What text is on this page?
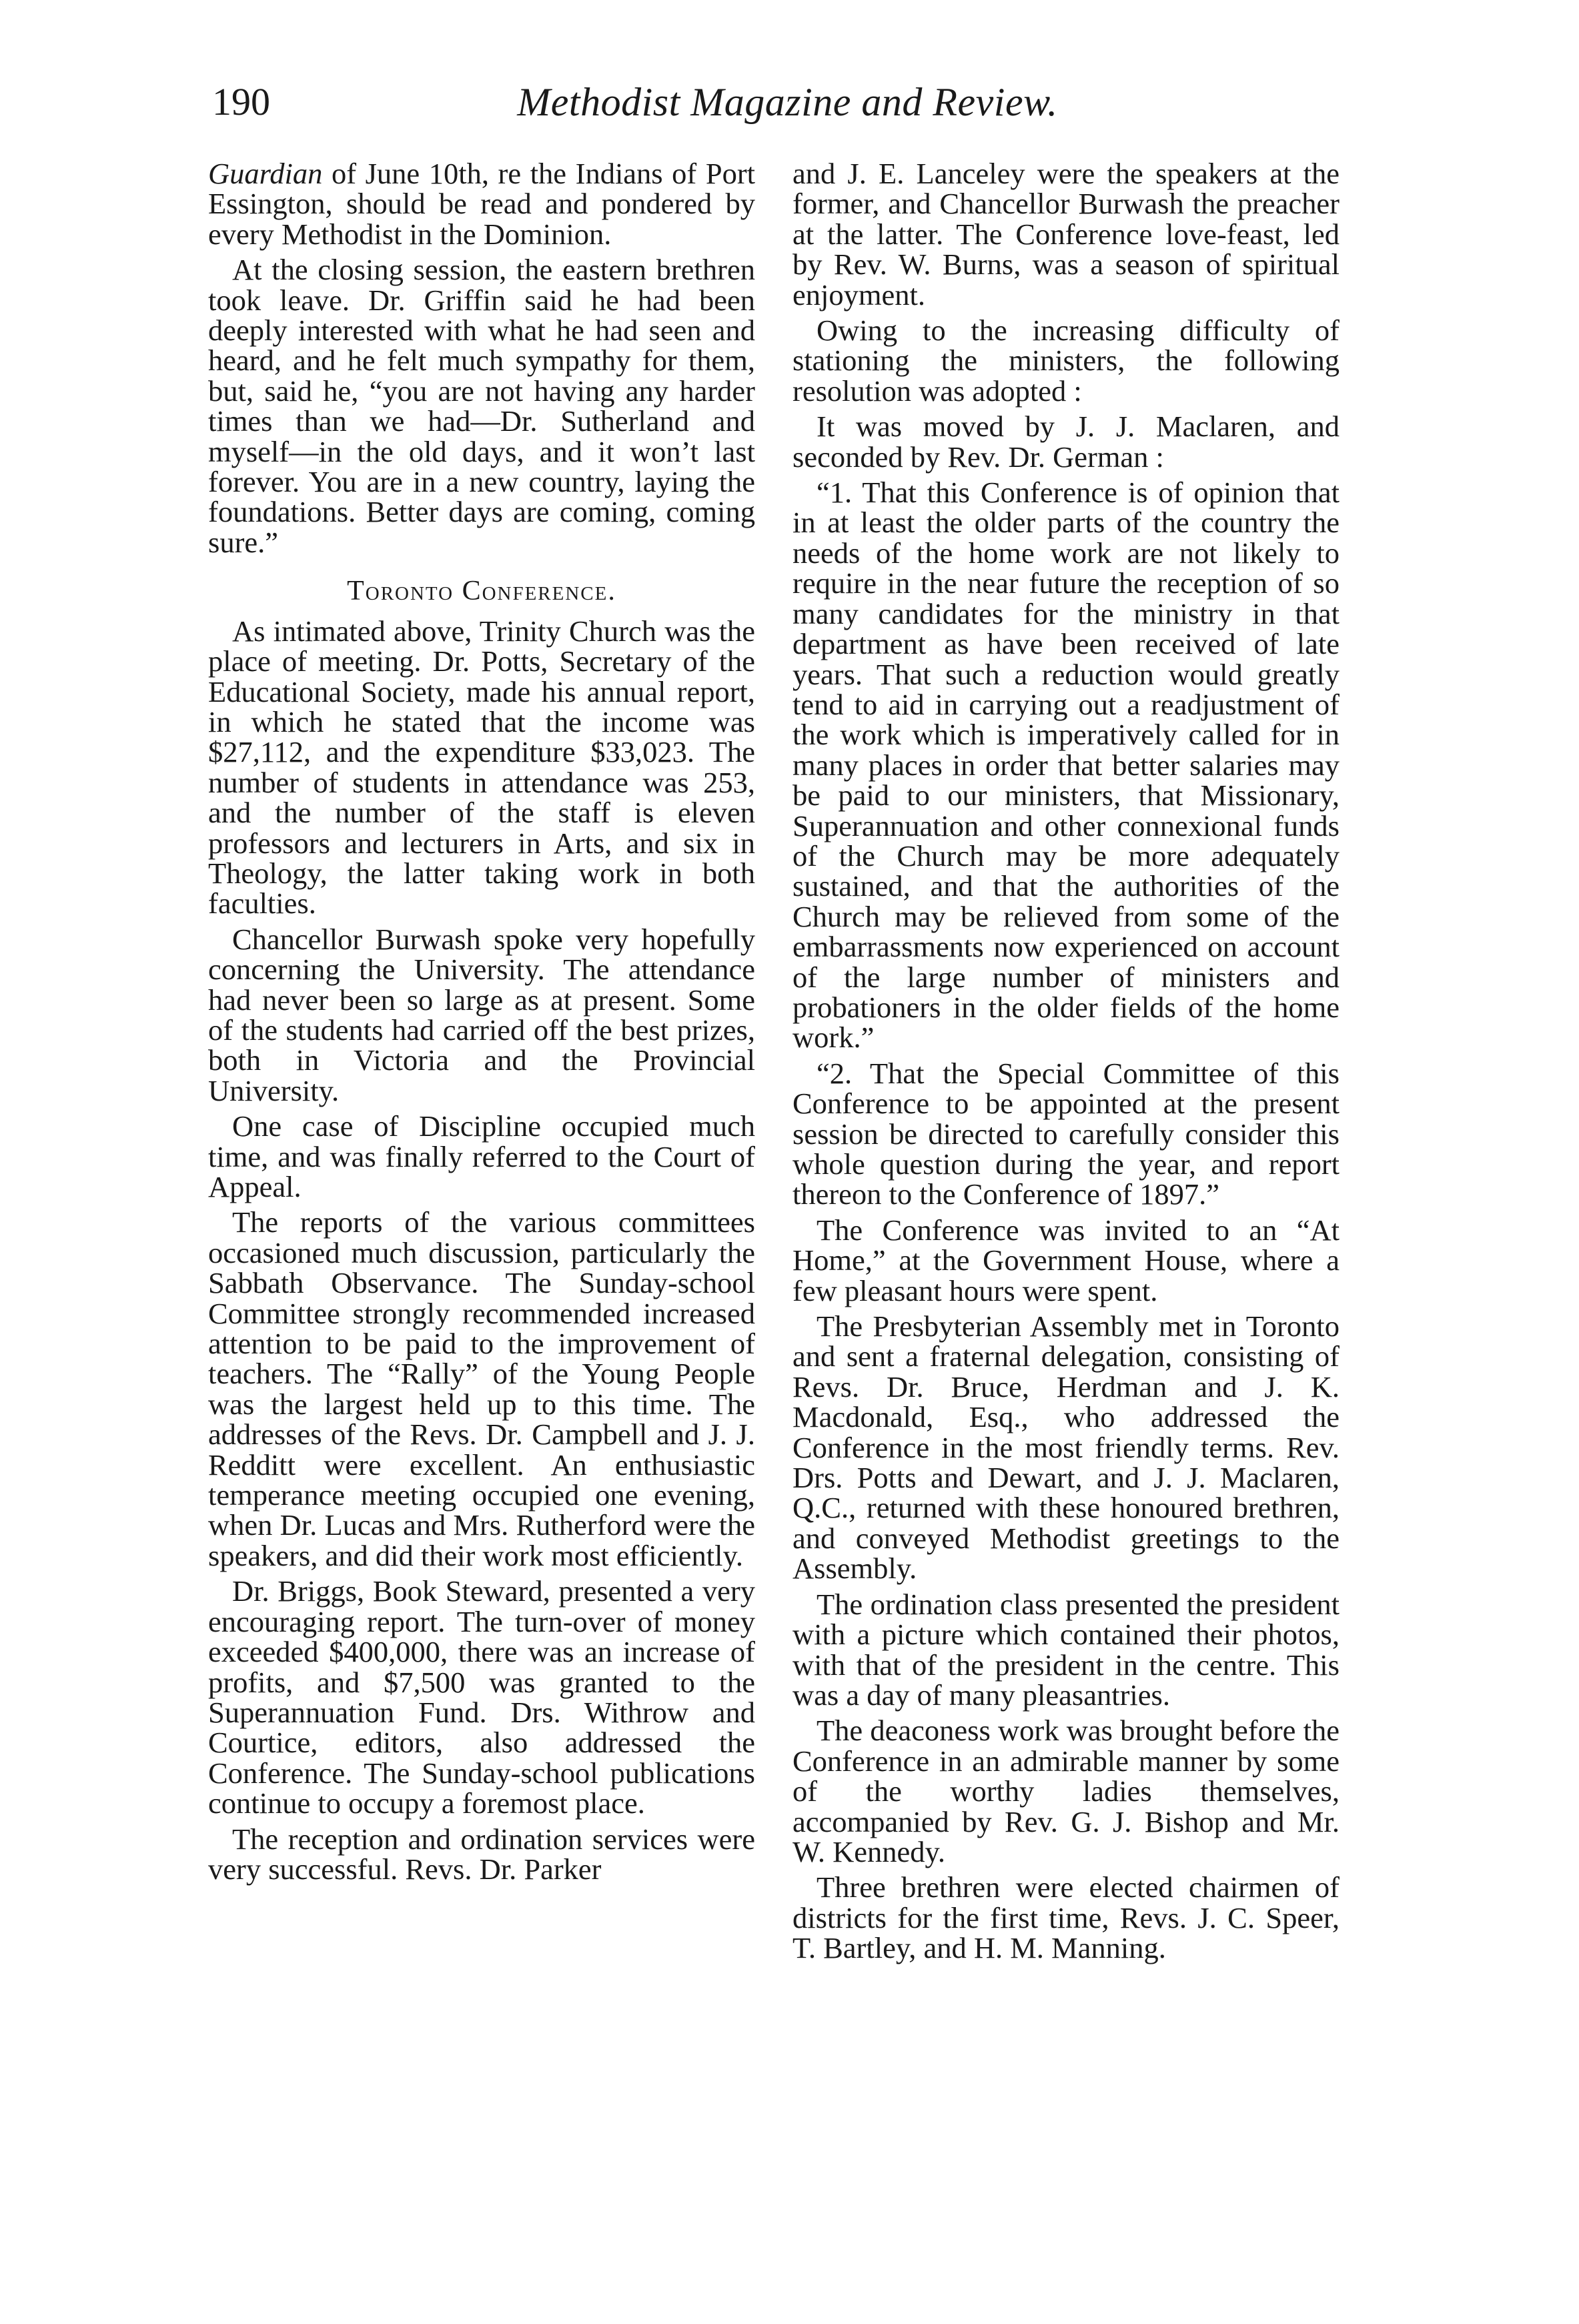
190	Methodist Magazine and Review.

Guardian of June 10th, re the Indians of Port Essington, should be read and pondered by every Methodist in the Dominion.

At the closing session, the eastern brethren took leave. Dr. Griffin said he had been deeply interested with what he had seen and heard, and he felt much sympathy for them, but, said he, “you are not having any harder times than we had—Dr. Sutherland and myself—in the old days, and it won’t last forever. You are in a new country, laying the foundations. Better days are coming, coming sure.”

Toronto Conference.

As intimated above, Trinity Church was the place of meeting. Dr. Potts, Secretary of the Educational Society, made his annual report, in which he stated that the income was $27,112, and the expenditure $33,023. The number of students in attendance was 253, and the number of the staff is eleven professors and lecturers in Arts, and six in Theology, the latter taking work in both faculties.

Chancellor Burwash spoke very hopefully concerning the University. The attendance had never been so large as at present. Some of the students had carried off the best prizes, both in Victoria and the Provincial University.

One case of Discipline occupied much time, and was finally referred to the Court of Appeal.

The reports of the various committees occasioned much discussion, particularly the Sabbath Observance. The Sunday-school Committee strongly recommended increased attention to be paid to the improvement of teachers. The “Rally” of the Young People was the largest held up to this time. The addresses of the Revs. Dr. Campbell and J. J. Redditt were excellent. An enthusiastic temperance meeting occupied one evening, when Dr. Lucas and Mrs. Rutherford were the speakers, and did their work most efficiently.

Dr. Briggs, Book Steward, presented a very encouraging report. The turn-over of money exceeded $400,000, there was an increase of profits, and $7,500 was granted to the Superannuation Fund. Drs. Withrow and Courtice, editors, also addressed the Conference. The Sunday-school publications continue to occupy a foremost place.

The reception and ordination services were very successful. Revs. Dr. Parker

and J. E. Lanceley were the speakers at the former, and Chancellor Burwash the preacher at the latter. The Conference love-feast, led by Rev. W. Burns, was a season of spiritual enjoyment.

Owing to the increasing difficulty of stationing the ministers, the following resolution was adopted :

It was moved by J. J. Maclaren, and seconded by Rev. Dr. German :

“1. That this Conference is of opinion that in at least the older parts of the country the needs of the home work are not likely to require in the near future the reception of so many candidates for the ministry in that department as have been received of late years. That such a reduction would greatly tend to aid in carrying out a readjustment of the work which is imperatively called for in many places in order that better salaries may be paid to our ministers, that Missionary, Superannuation and other connexional funds of the Church may be more adequately sustained, and that the authorities of the Church may be relieved from some of the embarrassments now experienced on account of the large number of ministers and probationers in the older fields of the home work.”

“2. That the Special Committee of this Conference to be appointed at the present session be directed to carefully consider this whole question during the year, and report thereon to the Conference of 1897.”

The Conference was invited to an “At Home,” at the Government House, where a few pleasant hours were spent.

The Presbyterian Assembly met in Toronto and sent a fraternal delegation, consisting of Revs. Dr. Bruce, Herdman and J. K. Macdonald, Esq., who addressed the Conference in the most friendly terms. Rev. Drs. Potts and Dewart, and J. J. Maclaren, Q.C., returned with these honoured brethren, and conveyed Methodist greetings to the Assembly.

The ordination class presented the president with a picture which contained their photos, with that of the president in the centre. This was a day of many pleasantries.

The deaconess work was brought before the Conference in an admirable manner by some of the worthy ladies themselves, accompanied by Rev. G. J. Bishop and Mr. W. Kennedy.

Three brethren were elected chairmen of districts for the first time, Revs. J. C. Speer, T. Bartley, and H. M. Manning.
